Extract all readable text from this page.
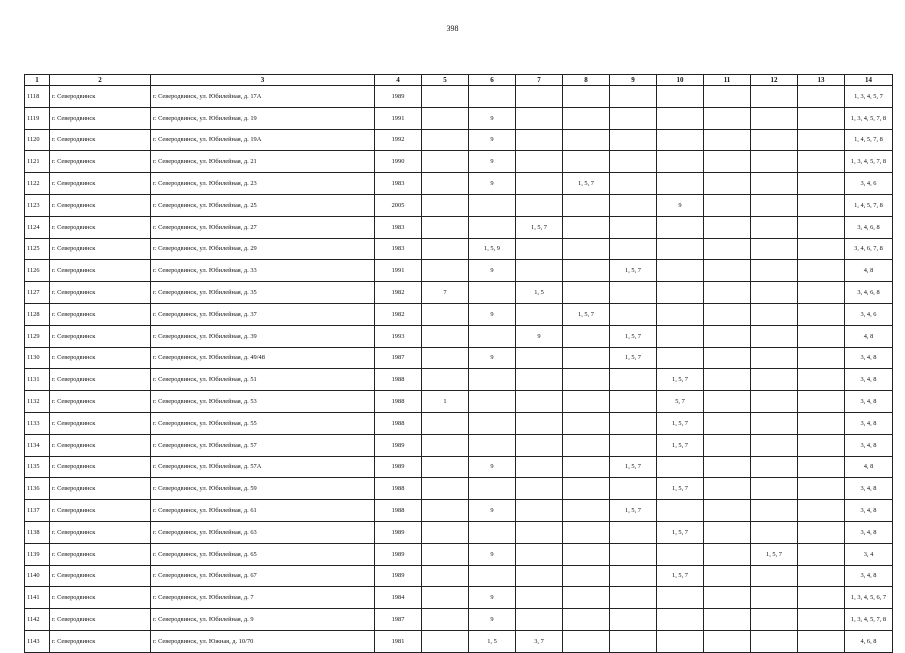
398
1	2	3	4	5	6	7	8	9	10	11	12	13	14
1118	г. Северодвинск	г. Северодвинск, ул. Юбилейная, д. 17А	1989										1, 3, 4, 5, 7
1119	г. Северодвинск	г. Северодвинск, ул. Юбилейная, д. 19	1991		9								1, 3, 4, 5, 7, 8
1120	г. Северодвинск	г. Северодвинск, ул. Юбилейная, д. 19А	1992		9								1, 4, 5, 7, 8
1121	г. Северодвинск	г. Северодвинск, ул. Юбилейная, д. 21	1990		9								1, 3, 4, 5, 7, 8
1122	г. Северодвинск	г. Северодвинск, ул. Юбилейная, д. 23	1983		9		1, 5, 7						3, 4, 6
1123	г. Северодвинск	г. Северодвинск, ул. Юбилейная, д. 25	2005						9				1, 4, 5, 7, 8
1124	г. Северодвинск	г. Северодвинск, ул. Юбилейная, д. 27	1983			1, 5, 7							3, 4, 6, 8
1125	г. Северодвинск	г. Северодвинск, ул. Юбилейная, д. 29	1983		1, 5, 9								3, 4, 6, 7, 8
1126	г. Северодвинск	г. Северодвинск, ул. Юбилейная, д. 33	1991		9			1, 5, 7					4, 8
1127	г. Северодвинск	г. Северодвинск, ул. Юбилейная, д. 35	1982	7		1, 5							3, 4, 6, 8
1128	г. Северодвинск	г. Северодвинск, ул. Юбилейная, д. 37	1982		9		1, 5, 7						3, 4, 6
1129	г. Северодвинск	г. Северодвинск, ул. Юбилейная, д. 39	1993			9		1, 5, 7					4, 8
1130	г. Северодвинск	г. Северодвинск, ул. Юбилейная, д. 49/48	1987		9			1, 5, 7					3, 4, 8
1131	г. Северодвинск	г. Северодвинск, ул. Юбилейная, д. 51	1988						1, 5, 7				3, 4, 8
1132	г. Северодвинск	г. Северодвинск, ул. Юбилейная, д. 53	1988	1					5, 7				3, 4, 8
1133	г. Северодвинск	г. Северодвинск, ул. Юбилейная, д. 55	1988						1, 5, 7				3, 4, 8
1134	г. Северодвинск	г. Северодвинск, ул. Юбилейная, д. 57	1989						1, 5, 7				3, 4, 8
1135	г. Северодвинск	г. Северодвинск, ул. Юбилейная, д. 57А	1989		9			1, 5, 7					4, 8
1136	г. Северодвинск	г. Северодвинск, ул. Юбилейная, д. 59	1988						1, 5, 7				3, 4, 8
1137	г. Северодвинск	г. Северодвинск, ул. Юбилейная, д. 61	1988		9			1, 5, 7					3, 4, 8
1138	г. Северодвинск	г. Северодвинск, ул. Юбилейная, д. 63	1989						1, 5, 7				3, 4, 8
1139	г. Северодвинск	г. Северодвинск, ул. Юбилейная, д. 65	1989		9						1, 5, 7		3, 4
1140	г. Северодвинск	г. Северодвинск, ул. Юбилейная, д. 67	1989						1, 5, 7				3, 4, 8
1141	г. Северодвинск	г. Северодвинск, ул. Юбилейная, д. 7	1984		9								1, 3, 4, 5, 6, 7
1142	г. Северодвинск	г. Северодвинск, ул. Юбилейная, д. 9	1987		9								1, 3, 4, 5, 7, 8
1143	г. Северодвинск	г. Северодвинск, ул. Южная, д. 10/70	1981		1, 5	3, 7							4, 6, 8
